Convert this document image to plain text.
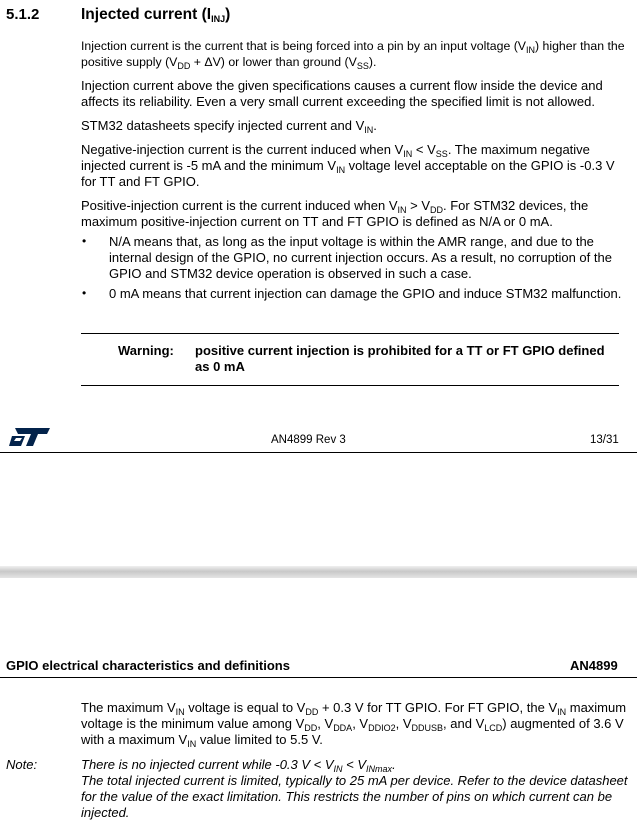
5.1.2	Injected current $(I_{INJ})$
Injection current is the current that is being forced into a pin by an input voltage $(V_{IN})$ higher than the positive supply $(V_{DD} + \Delta V)$ or lower than ground $(V_{SS})$.
Injection current above the given specifications causes a current flow inside the device and affects its reliability. Even a very small current exceeding the specified limit is not allowed.
STM32 datasheets specify injected current and $V_{IN}$.
Negative-injection current is the current induced when $V_{IN} < V_{SS}$. The maximum negative injected current is -5 mA and the minimum $V_{IN}$ voltage level acceptable on the GPIO is -0.3 V for TT and FT GPIO.
Positive-injection current is the current induced when $V_{IN} > V_{DD}$. For STM32 devices, the maximum positive-injection current on TT and FT GPIO is defined as N/A or 0 mA.
• N/A means that, as long as the input voltage is within the AMR range, and due to the internal design of the GPIO, no current injection occurs. As a result, no corruption of the GPIO and STM32 device operation is observed in such a case.
• 0 mA means that current injection can damage the GPIO and induce STM32 malfunction.
Warning: positive current injection is prohibited for a TT or FT GPIO defined as 0 mA
AN4899 Rev 3	13/31
GPIO electrical characteristics and definitions	AN4899
The maximum $V_{IN}$ voltage is equal to $V_{DD} + 0.3$ V for TT GPIO. For FT GPIO, the $V_{IN}$ maximum voltage is the minimum value among $V_{DD}$, $V_{DDA}$, $V_{DDIO2}$, $V_{DDUSB}$, and $V_{LCD}$) augmented of 3.6 V with a maximum $V_{IN}$ value limited to 5.5 V.
Note:	There is no injected current while -0.3 $V < V_{IN} < V_{INmax}$.
The total injected current is limited, typically to 25 mA per device. Refer to the device datasheet for the value of the exact limitation. This restricts the number of pins on which current can be injected.
